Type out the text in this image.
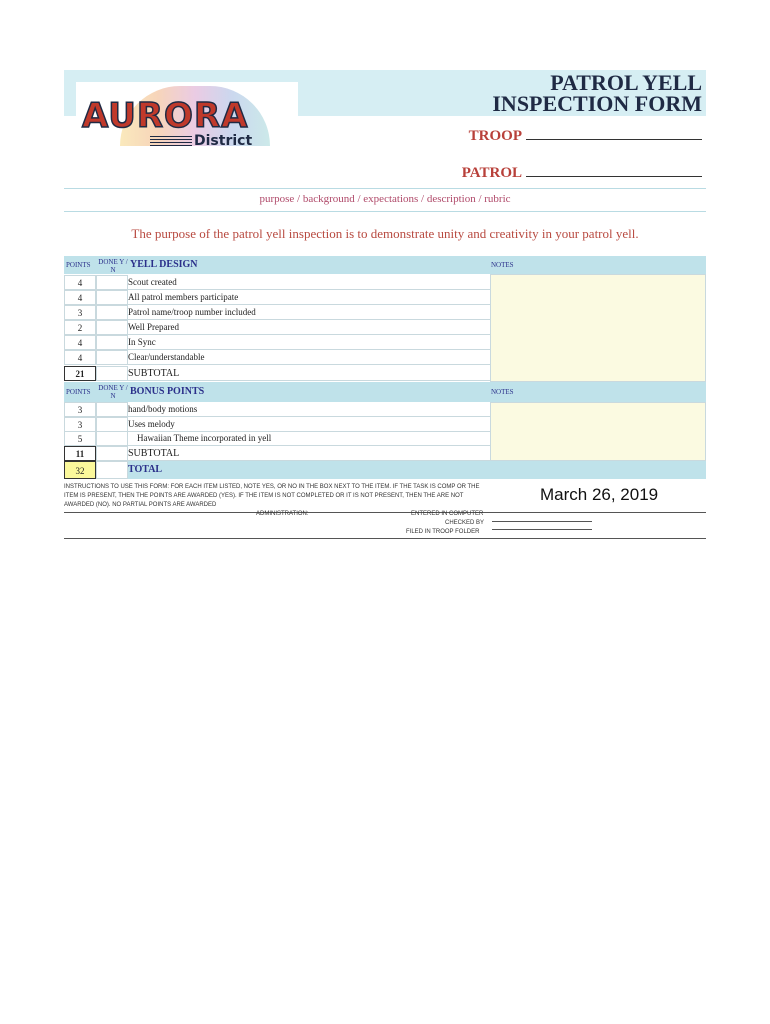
AURORA
District
PATROL YELL
INSPECTION FORM
TROOP
PATROL
purpose / background / expectations / description / rubric
The purpose of the patrol yell inspection is to demonstrate unity and creativity in your patrol yell.
POINTS	DONE Y / N	YELL DESIGN	NOTES
4	Scout created
4	All patrol members participate
3	Patrol name/troop number included
2	Well Prepared
4	In Sync
4	Clear/understandable
21	SUBTOTAL
POINTS	DONE Y / N	BONUS POINTS	NOTES
3	hand/body motions
3	Uses melody
5	Hawaiian Theme incorporated in yell
11	SUBTOTAL
32	TOTAL
INSTRUCTIONS TO USE THIS FORM: FOR EACH ITEM LISTED, NOTE YES, OR NO IN THE BOX NEXT TO THE ITEM. IF THE TASK IS COMP OR THE ITEM IS PRESENT, THEN THE POINTS ARE AWARDED (YES). IF THE ITEM IS NOT COMPLETED OR IT IS NOT PRESENT, THEN THE ARE NOT AWARDED (NO). NO PARTIAL POINTS ARE AWARDED
March 26, 2019
ADMINISTRATION:	ENTERED IN COMPUTER
CHECKED BY
FILED IN TROOP FOLDER
